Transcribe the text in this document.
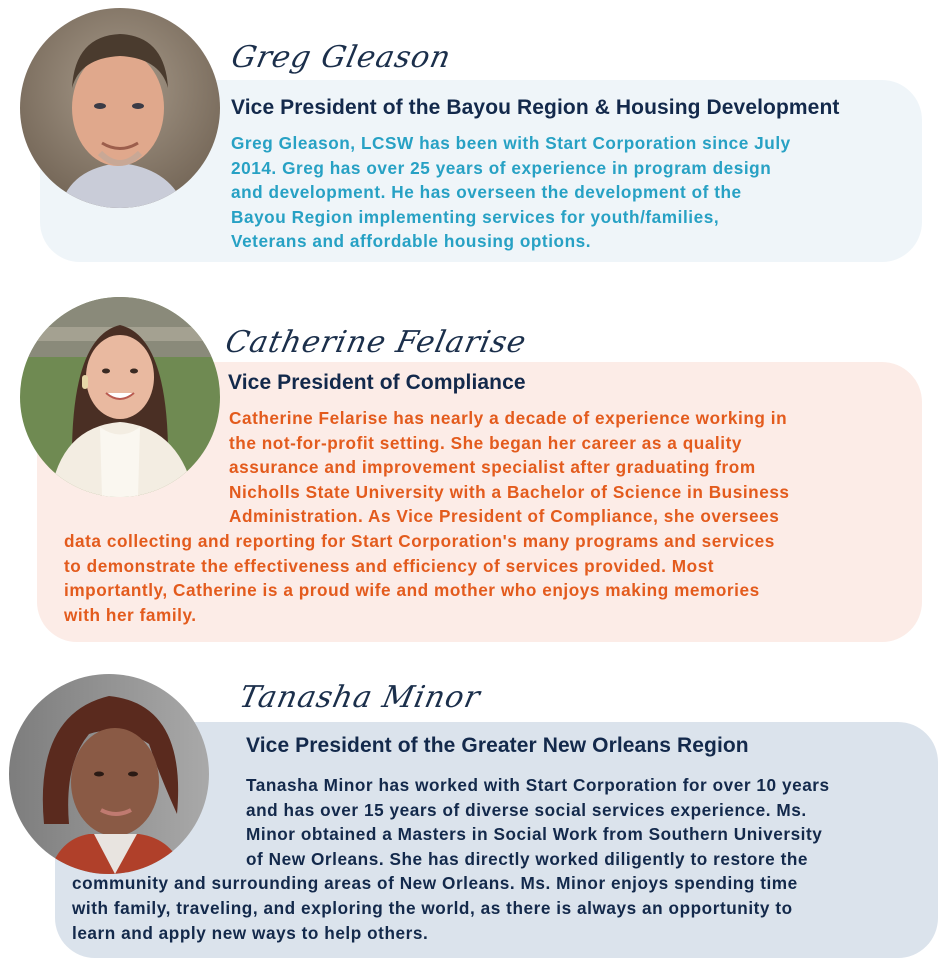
Greg Gleason
Vice President of the Bayou Region & Housing Development
Greg Gleason, LCSW has been with Start Corporation since July
2014. Greg has over 25 years of experience in program design
and development. He has overseen the development of the
Bayou Region implementing services for youth/families,
Veterans and affordable housing options.
Catherine Felarise
Vice President of Compliance
Catherine Felarise has nearly a decade of experience working in
the not-for-profit setting. She began her career as a quality
assurance and improvement specialist after graduating from
Nicholls State University with a Bachelor of Science in Business
Administration. As Vice President of Compliance, she oversees
data collecting and reporting for Start Corporation's many programs and services
to demonstrate the effectiveness and efficiency of services provided. Most
importantly, Catherine is a proud wife and mother who enjoys making memories
with her family.
Tanasha Minor
Vice President of the Greater New Orleans Region
Tanasha Minor has worked with Start Corporation for over 10 years
and has over 15 years of diverse social services experience. Ms.
Minor obtained a Masters in Social Work from Southern University
of New Orleans. She has directly worked diligently to restore the
community and surrounding areas of New Orleans. Ms. Minor enjoys spending time
with family, traveling, and exploring the world, as there is always an opportunity to
learn and apply new ways to help others.
